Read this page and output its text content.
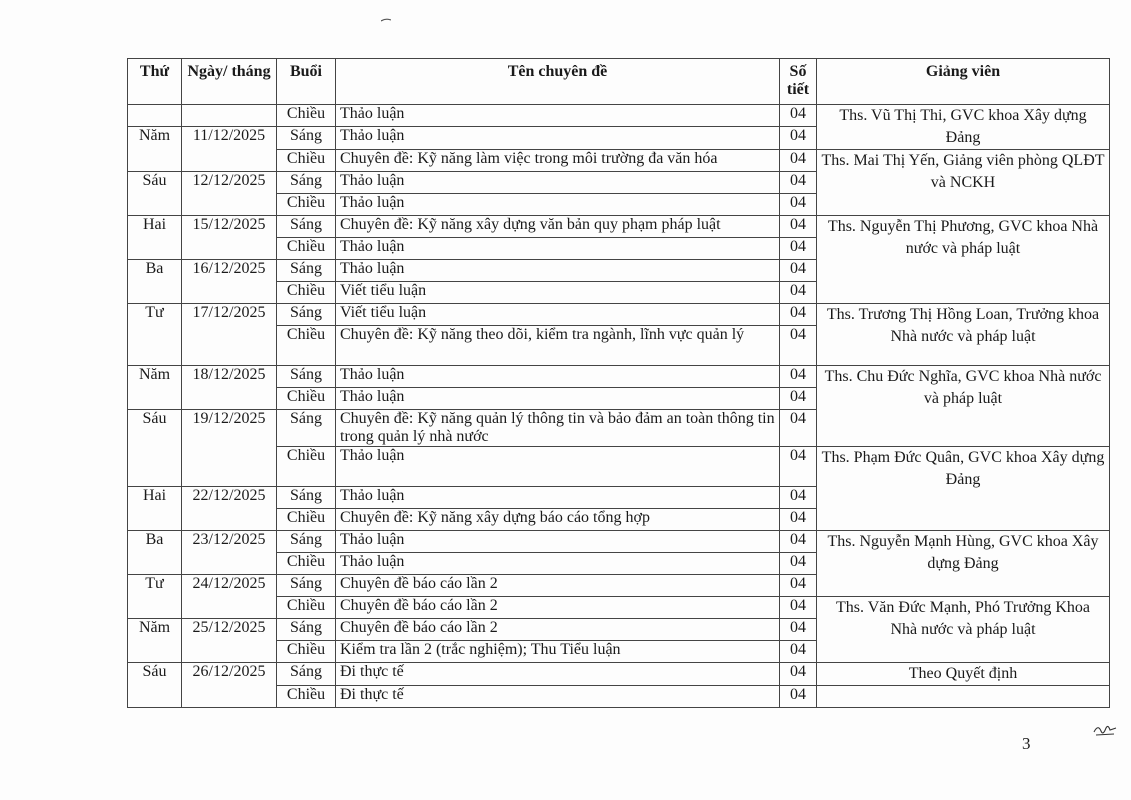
Thứ	Ngày/ tháng	Buổi	Tên chuyên đề	Số tiết	Giảng viên
		Chiều	Thảo luận	04	Ths. Vũ Thị Thi, GVC khoa Xây dựng Đảng
Năm	11/12/2025	Sáng	Thảo luận	04	
		Chiều	Chuyên đề: Kỹ năng làm việc trong môi trường đa văn hóa	04	Ths. Mai Thị Yến, Giảng viên phòng QLĐT và NCKH
Sáu	12/12/2025	Sáng	Thảo luận	04	
		Chiều	Thảo luận	04	
Hai	15/12/2025	Sáng	Chuyên đề: Kỹ năng xây dựng văn bản quy phạm pháp luật	04	Ths. Nguyễn Thị Phương, GVC khoa Nhà nước và pháp luật
		Chiều	Thảo luận	04	
Ba	16/12/2025	Sáng	Thảo luận	04	
		Chiều	Viết tiểu luận	04	
Tư	17/12/2025	Sáng	Viết tiểu luận	04	Ths. Trương Thị Hồng Loan, Trưởng khoa Nhà nước và pháp luật
		Chiều	Chuyên đề: Kỹ năng theo dõi, kiểm tra ngành, lĩnh vực quản lý	04	
Năm	18/12/2025	Sáng	Thảo luận	04	Ths. Chu Đức Nghĩa, GVC khoa Nhà nước và pháp luật
		Chiều	Thảo luận	04	
Sáu	19/12/2025	Sáng	Chuyên đề: Kỹ năng quản lý thông tin và bảo đảm an toàn thông tin trong quản lý nhà nước	04	
		Chiều	Thảo luận	04	Ths. Phạm Đức Quân, GVC khoa Xây dựng Đảng
Hai	22/12/2025	Sáng	Thảo luận	04	
		Chiều	Chuyên đề: Kỹ năng xây dựng báo cáo tổng hợp	04	
Ba	23/12/2025	Sáng	Thảo luận	04	Ths. Nguyễn Mạnh Hùng, GVC khoa Xây dựng Đảng
		Chiều	Thảo luận	04	
Tư	24/12/2025	Sáng	Chuyên đề báo cáo lần 2	04	
		Chiều	Chuyên đề báo cáo lần 2	04	Ths. Văn Đức Mạnh, Phó Trưởng Khoa Nhà nước và pháp luật
Năm	25/12/2025	Sáng	Chuyên đề báo cáo lần 2	04	
		Chiều	Kiểm tra lần 2 (trắc nghiệm); Thu Tiểu luận	04	
Sáu	26/12/2025	Sáng	Đi thực tế	04	Theo Quyết định
		Chiều	Đi thực tế	04	
3
